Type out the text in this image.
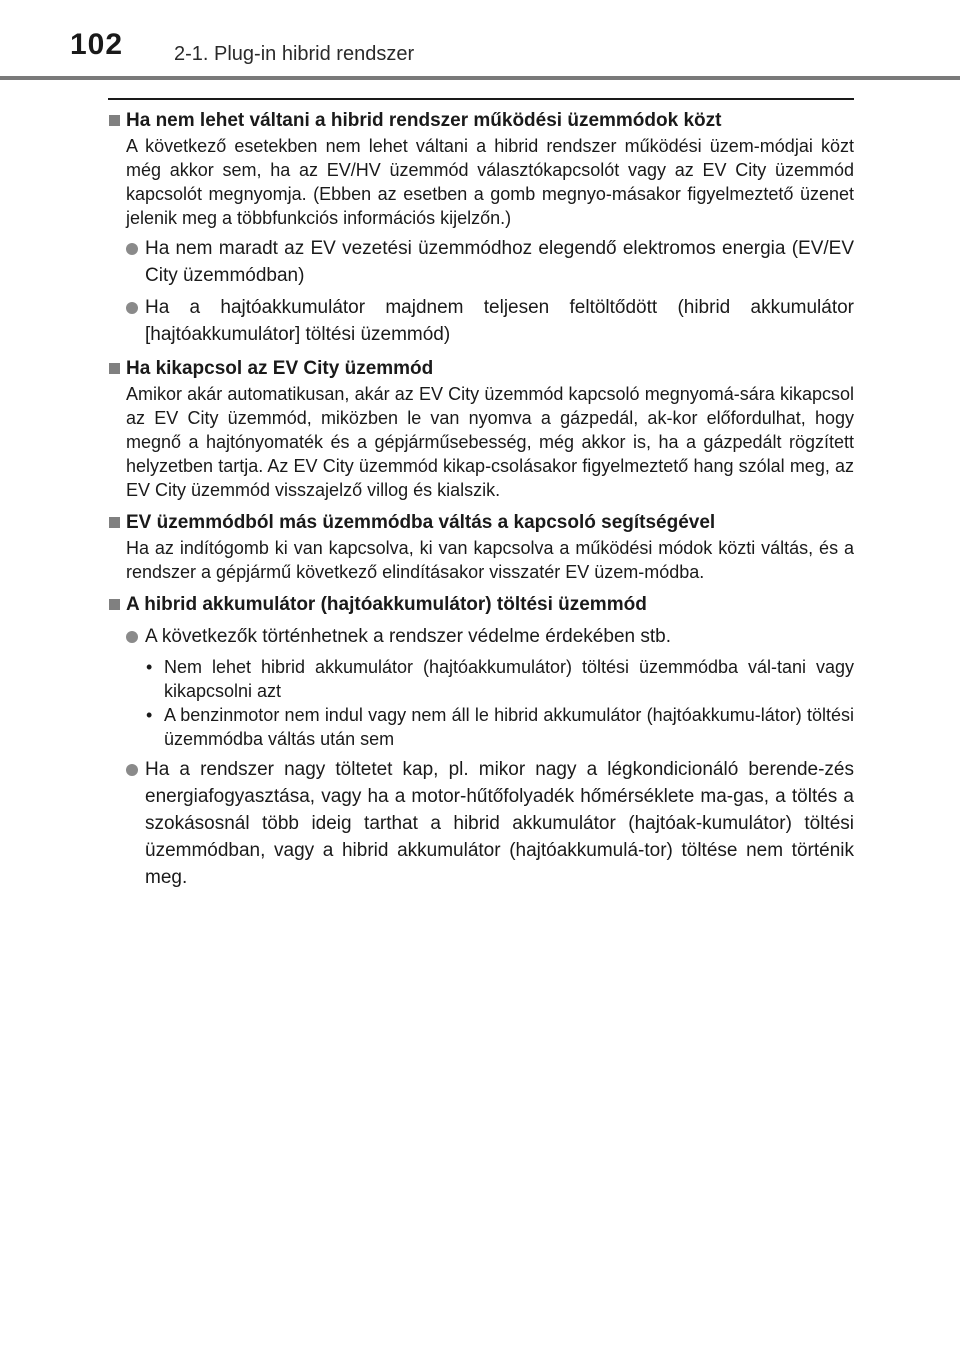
102	2-1. Plug-in hibrid rendszer
Ha nem lehet váltani a hibrid rendszer működési üzemmódok közt
A következő esetekben nem lehet váltani a hibrid rendszer működési üzem-módjai közt még akkor sem, ha az EV/HV üzemmód választókapcsolót vagy az EV City üzemmód kapcsolót megnyomja. (Ebben az esetben a gomb megnyo-másakor figyelmeztető üzenet jelenik meg a többfunkciós információs kijelzőn.)
Ha nem maradt az EV vezetési üzemmódhoz elegendő elektromos energia (EV/EV City üzemmódban)
Ha a hajtóakkumulátor majdnem teljesen feltöltődött (hibrid akkumulátor [hajtóakkumulátor] töltési üzemmód)
Ha kikapcsol az EV City üzemmód
Amikor akár automatikusan, akár az EV City üzemmód kapcsoló megnyomá-sára kikapcsol az EV City üzemmód, miközben le van nyomva a gázpedál, ak-kor előfordulhat, hogy megnő a hajtónyomaték és a gépjárműsebesség, még akkor is, ha a gázpedált rögzített helyzetben tartja. Az EV City üzemmód kikap-csolásakor figyelmeztető hang szólal meg, az EV City üzemmód visszajelző villog és kialszik.
EV üzemmódból más üzemmódba váltás a kapcsoló segítségével
Ha az indítógomb ki van kapcsolva, ki van kapcsolva a működési módok közti váltás, és a rendszer a gépjármű következő elindításakor visszatér EV üzem-módba.
A hibrid akkumulátor (hajtóakkumulátor) töltési üzemmód
A következők történhetnek a rendszer védelme érdekében stb.
• Nem lehet hibrid akkumulátor (hajtóakkumulátor) töltési üzemmódba vál-tani vagy kikapcsolni azt
• A benzinmotor nem indul vagy nem áll le hibrid akkumulátor (hajtóakkumu-látor) töltési üzemmódba váltás után sem
Ha a rendszer nagy töltetet kap, pl. mikor nagy a légkondicionáló berende-zés energiafogyasztása, vagy ha a motor-hűtőfolyadék hőmérséklete ma-gas, a töltés a szokásosnál több ideig tarthat a hibrid akkumulátor (hajtóak-kumulátor) töltési üzemmódban, vagy a hibrid akkumulátor (hajtóakkumulá-tor) töltése nem történik meg.
